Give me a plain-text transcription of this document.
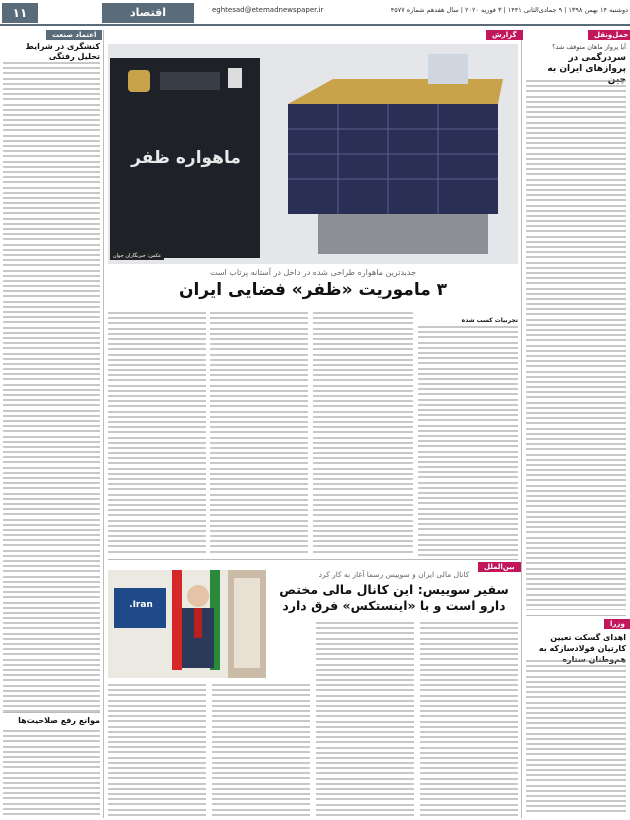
۱۱	اقتصاد	eghtesad@etemadnewspaper.ir	دوشنبه ۱۴ بهمن ۱۳۹۸ | ۹ جمادی‌الثانی ۱۴۴۱ | ۳ فوریه ۲۰۲۰ | سال هفدهم شماره ۴۵۷۷
حمل‌ونقل
آیا پرواز ماهان متوقف شد؟
سردرگمی در پروازهای ایران به
وزرا
اهدای گسکت تعیین کارتیان فولادسازکه به
گزارش
ماهواره ظفر
عکس: خبرنگاران جوان
جدیدترین ماهواره طراحی شده در داخل در آستانه پرتاب است
۳ ماموریت «ظفر» فضایی ایران
تجربیات کسب شده
بین‌الملل
کانال مالی ایران و سوییس رسما آغاز به کار کرد
سفیر سوییس: این کانال مالی مختص دارو است و با «اینستکس» فرق دارد
Iran.
اعتماد صنعت
کنشگری در شرایط تحلیل رفتگی
موانع رفع صلاحیت‌ها
